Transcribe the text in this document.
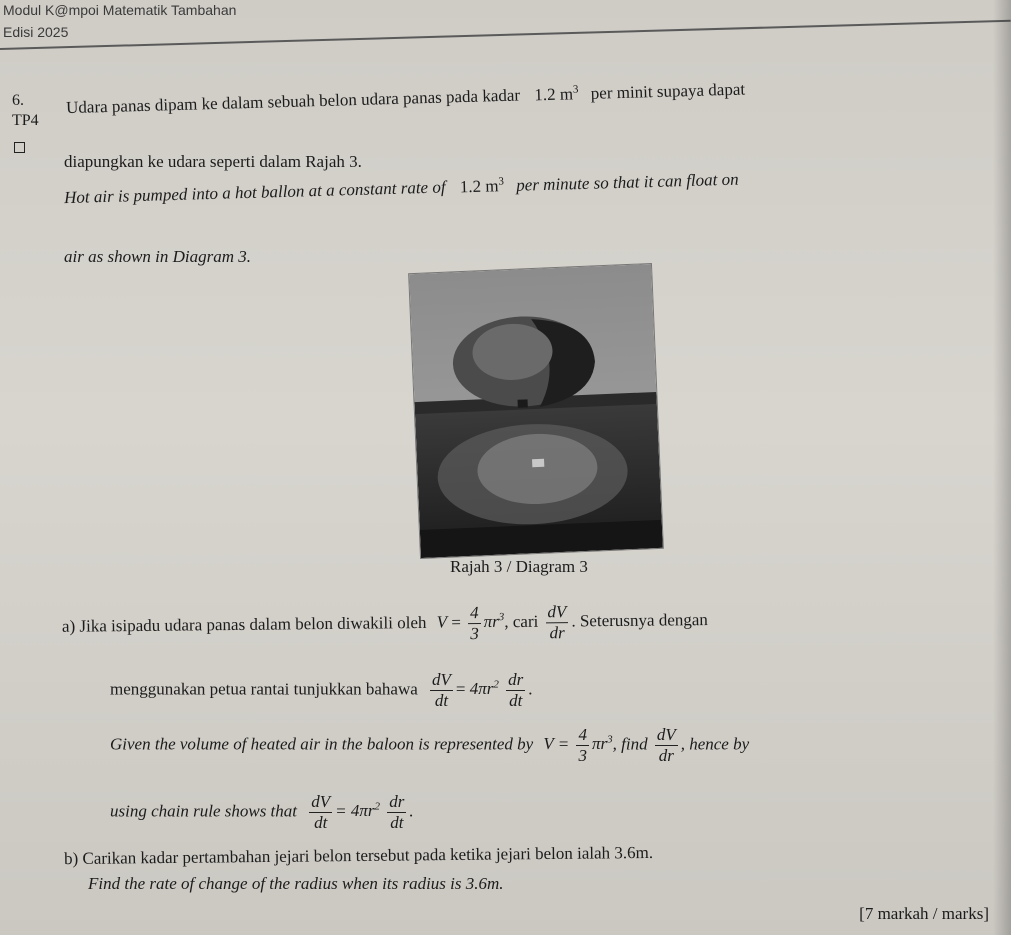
Modul K@mpoi Matematik Tambahan
Edisi 2025
6.
TP4
Udara panas dipam ke dalam sebuah belon udara panas pada kadar 1.2 $m^3$ per minit supaya dapat
diapungkan ke udara seperti dalam Rajah 3.
Hot air is pumped into a hot ballon at a constant rate of 1.2 $m^3$ per minute so that it can float on
air as shown in Diagram 3.
Rajah 3 / Diagram 3
a) Jika isipadu udara panas dalam belon diwakili oleh $V = \frac{4}{3} \pi r^3$, cari $\frac{dV}{dr}$ . Seterusnya dengan
menggunakan petua rantai tunjukkan bahawa $\frac{dV}{dt} = 4\pi r^2 \frac{dr}{dt}$ .
Given the volume of heated air in the baloon is represented by $V = \frac{4}{3} \pi r^3$, find $\frac{dV}{dr}$ , hence by
using chain rule shows that $\frac{dV}{dt} = 4\pi r^2 \frac{dr}{dt}$ .
b) Carikan kadar pertambahan jejari belon tersebut pada ketika jejari belon ialah 3.6m.
Find the rate of change of the radius when its radius is 3.6m.
[7 markah / marks]
